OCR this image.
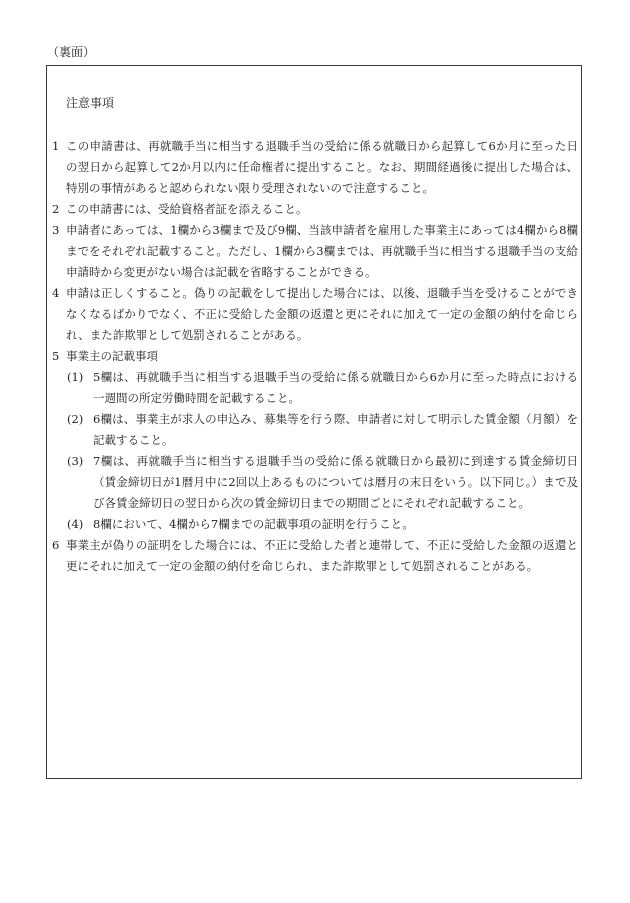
（裏面）
注意事項
1 この申請書は、再就職手当に相当する退職手当の受給に係る就職日から起算して6か月に至った日の翌日から起算して2か月以内に任命権者に提出すること。なお、期間経過後に提出した場合は、特別の事情があると認められない限り受理されないので注意すること。
2 この申請書には、受給資格者証を添えること。
3 申請者にあっては、1欄から3欄まで及び9欄、当該申請者を雇用した事業主にあっては4欄から8欄までをそれぞれ記載すること。ただし、1欄から3欄までは、再就職手当に相当する退職手当の支給申請時から変更がない場合は記載を省略することができる。
4 申請は正しくすること。偽りの記載をして提出した場合には、以後、退職手当を受けることができなくなるばかりでなく、不正に受給した金額の返還と更にそれに加えて一定の金額の納付を命じられ、また詐欺罪として処罰されることがある。
5 事業主の記載事項
(1) 5欄は、再就職手当に相当する退職手当の受給に係る就職日から6か月に至った時点における一週間の所定労働時間を記載すること。
(2) 6欄は、事業主が求人の申込み、募集等を行う際、申請者に対して明示した賃金額（月額）を記載すること。
(3) 7欄は、再就職手当に相当する退職手当の受給に係る就職日から最初に到達する賃金締切日（賃金締切日が1暦月中に2回以上あるものについては暦月の末日をいう。以下同じ。）まで及び各賃金締切日の翌日から次の賃金締切日までの期間ごとにそれぞれ記載すること。
(4) 8欄において、4欄から7欄までの記載事項の証明を行うこと。
6 事業主が偽りの証明をした場合には、不正に受給した者と連帯して、不正に受給した金額の返還と更にそれに加えて一定の金額の納付を命じられ、また詐欺罪として処罰されることがある。
